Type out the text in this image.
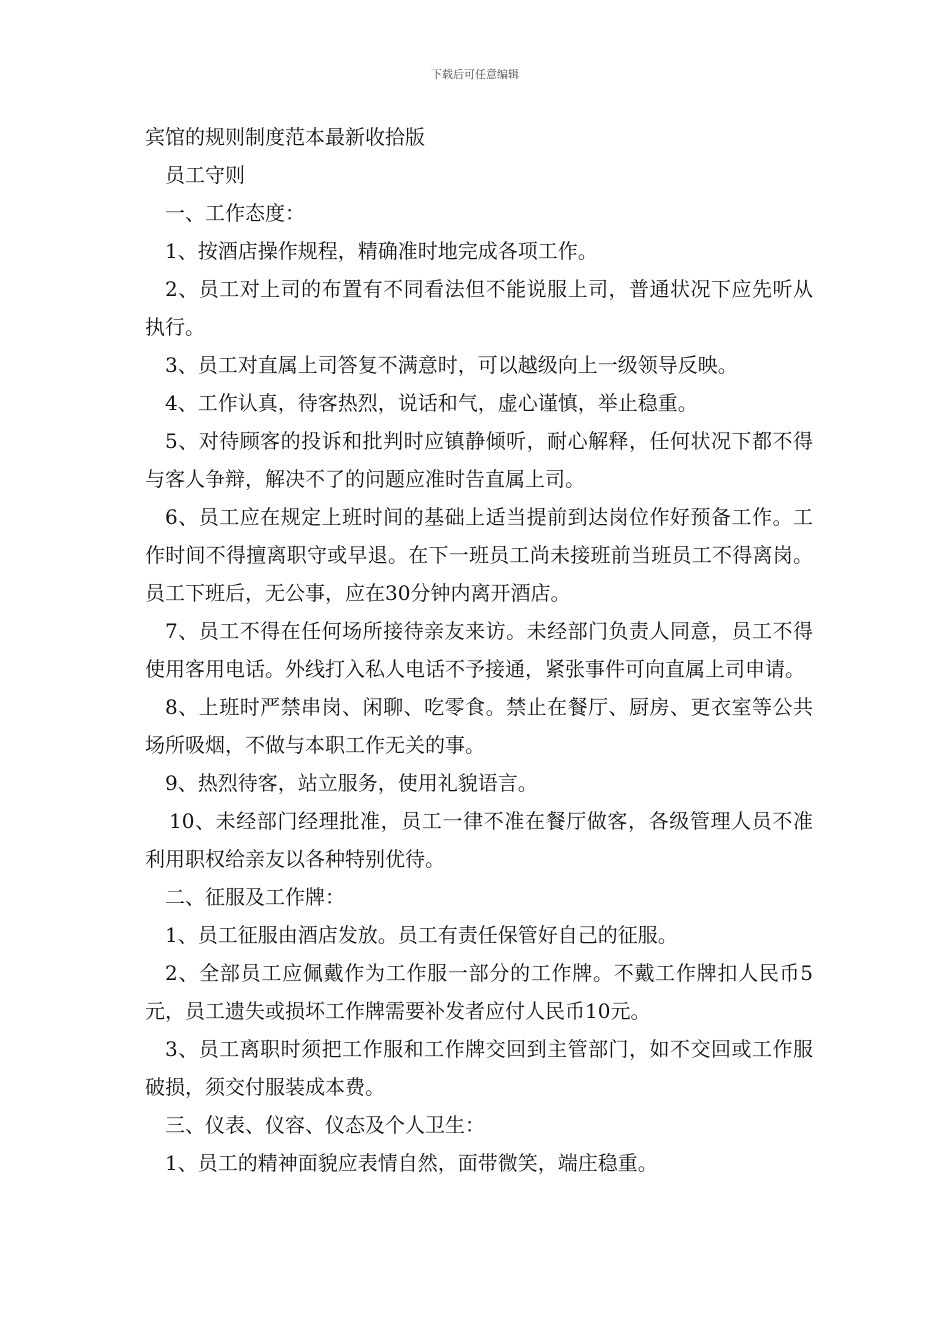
下载后可任意编辑

宾馆的规则制度范本最新收拾版

员工守则

一、工作态度：

1、按酒店操作规程，精确准时地完成各项工作。

2、员工对上司的布置有不同看法但不能说服上司，普通状况下应先听从执行。

3、员工对直属上司答复不满意时，可以越级向上一级领导反映。

4、工作认真，待客热烈，说话和气，虚心谨慎，举止稳重。

5、对待顾客的投诉和批判时应镇静倾听，耐心解释，任何状况下都不得与客人争辩，解决不了的问题应准时告直属上司。

6、员工应在规定上班时间的基础上适当提前到达岗位作好预备工作。工作时间不得擅离职守或早退。在下一班员工尚未接班前当班员工不得离岗。员工下班后，无公事，应在30分钟内离开酒店。

7、员工不得在任何场所接待亲友来访。未经部门负责人同意，员工不得使用客用电话。外线打入私人电话不予接通，紧张事件可向直属上司申请。

8、上班时严禁串岗、闲聊、吃零食。禁止在餐厅、厨房、更衣室等公共场所吸烟，不做与本职工作无关的事。

9、热烈待客，站立服务，使用礼貌语言。

10、未经部门经理批准，员工一律不准在餐厅做客，各级管理人员不准利用职权给亲友以各种特别优待。

二、征服及工作牌：

1、员工征服由酒店发放。员工有责任保管好自己的征服。

2、全部员工应佩戴作为工作服一部分的工作牌。不戴工作牌扣人民币5元，员工遗失或损坏工作牌需要补发者应付人民币10元。

3、员工离职时须把工作服和工作牌交回到主管部门，如不交回或工作服破损，须交付服装成本费。

三、仪表、仪容、仪态及个人卫生：

1、员工的精神面貌应表情自然，面带微笑，端庄稳重。
